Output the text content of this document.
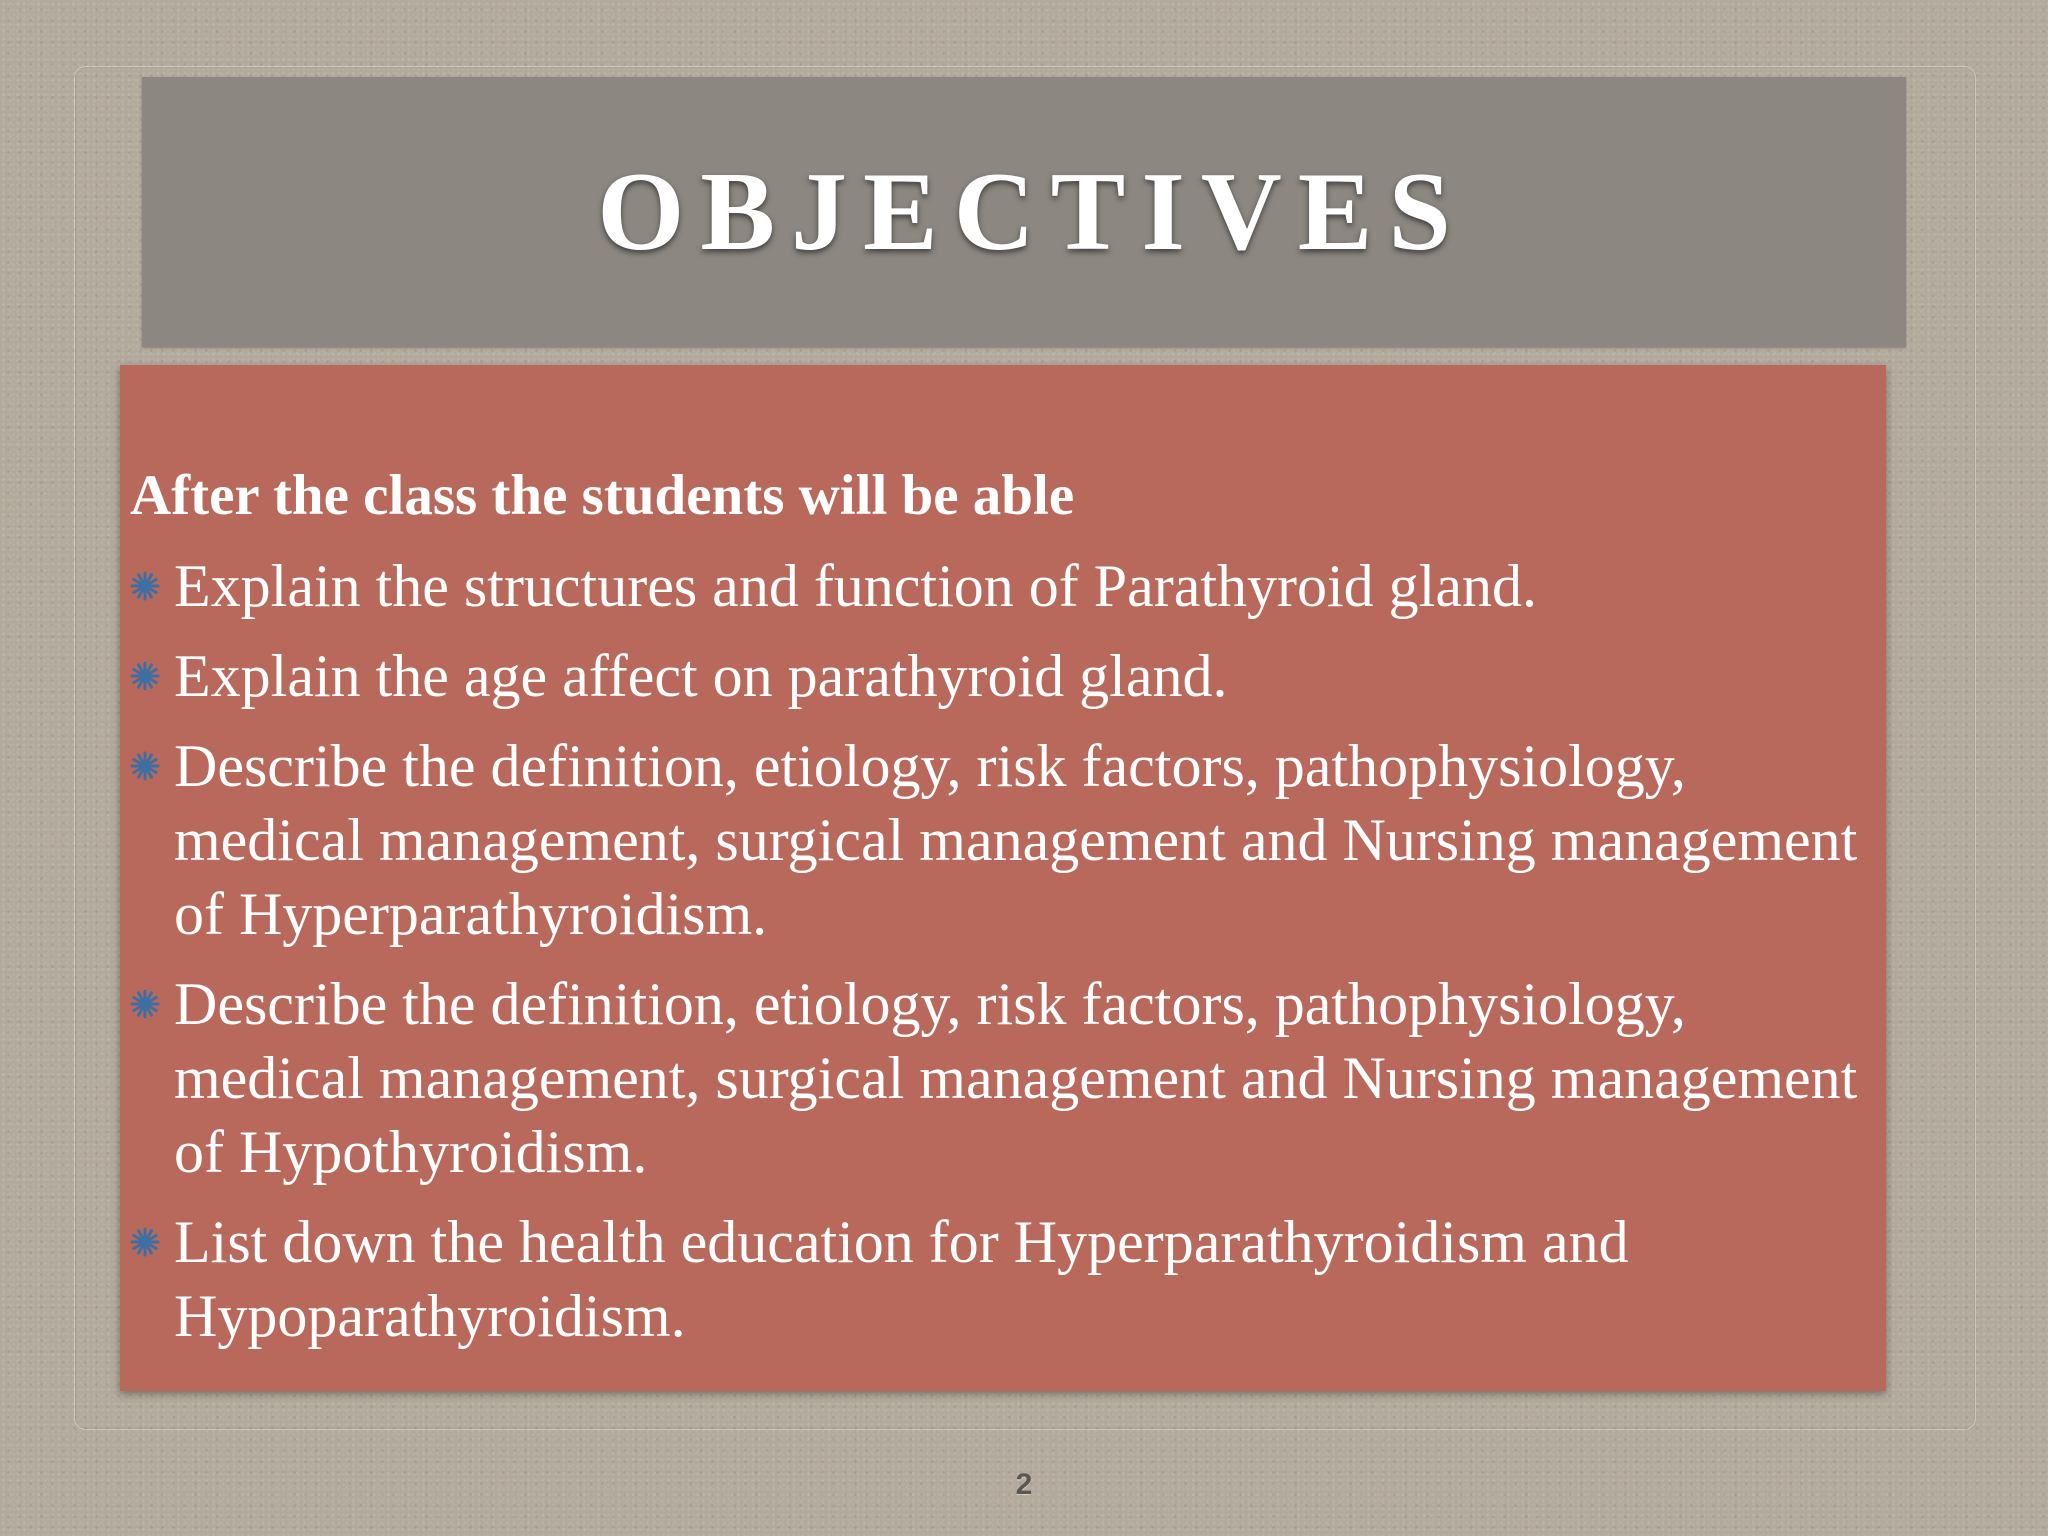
OBJECTIVES
After the class the students will be able
Explain the structures and function of Parathyroid gland.
Explain the age affect on parathyroid gland.
Describe the definition, etiology, risk factors, pathophysiology, medical management, surgical management and Nursing management of Hyperparathyroidism.
Describe the definition, etiology, risk factors, pathophysiology, medical management, surgical management and Nursing management of Hypothyroidism.
List down the health education for Hyperparathyroidism and Hypoparathyroidism.
2
